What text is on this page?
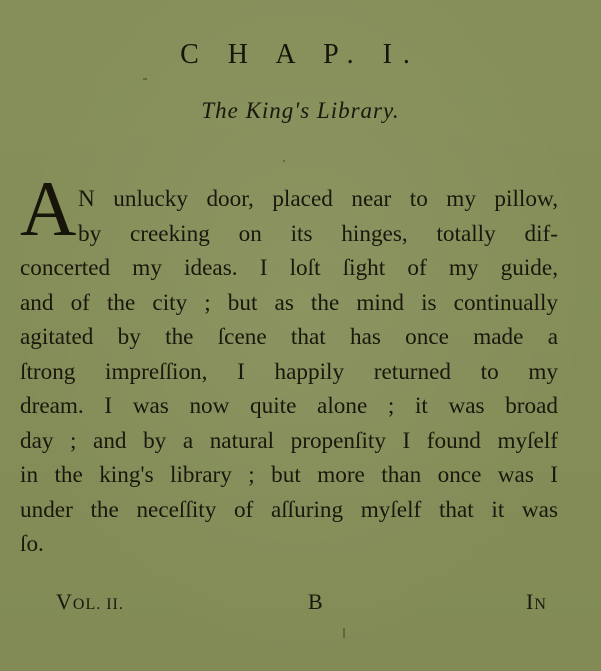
C H A P. I.
The King's Library.
A N unlucky door, placed near to my pillow,
by creeking on its hinges, totally dif-
concerted my ideas. I loſt ſight of my guide,
and of the city ; but as the mind is continually
agitated by the ſcene that has once made a
ſtrong impreſſion, I happily returned to my
dream. I was now quite alone ; it was broad
day ; and by a natural propenſity I found myſelf
in the king's library ; but more than once was I
under the neceſſity of aſſuring myſelf that it was
ſo.
VOL. II.	B	IN
